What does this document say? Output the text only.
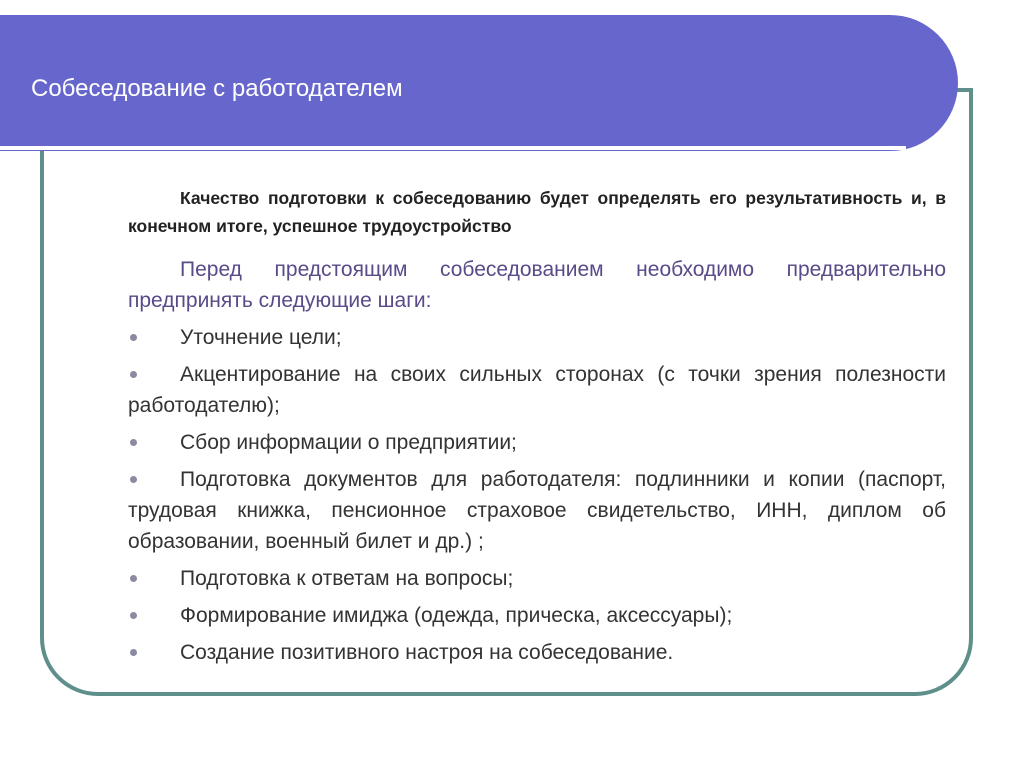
Собеседование с работодателем

Качество подготовки к собеседованию будет определять его результативность и, в конечном итоге, успешное трудоустройство

Перед предстоящим собеседованием необходимо предварительно предпринять следующие шаги:

Уточнение цели;
Акцентирование на своих сильных сторонах (с точки зрения полезности работодателю);
Сбор информации о предприятии;
Подготовка документов для работодателя: подлинники и копии (паспорт, трудовая книжка, пенсионное страховое свидетельство, ИНН, диплом об образовании, военный билет и др.) ;
Подготовка к ответам на вопросы;
Формирование имиджа (одежда, прическа, аксессуары);
Создание позитивного настроя на собеседование.
